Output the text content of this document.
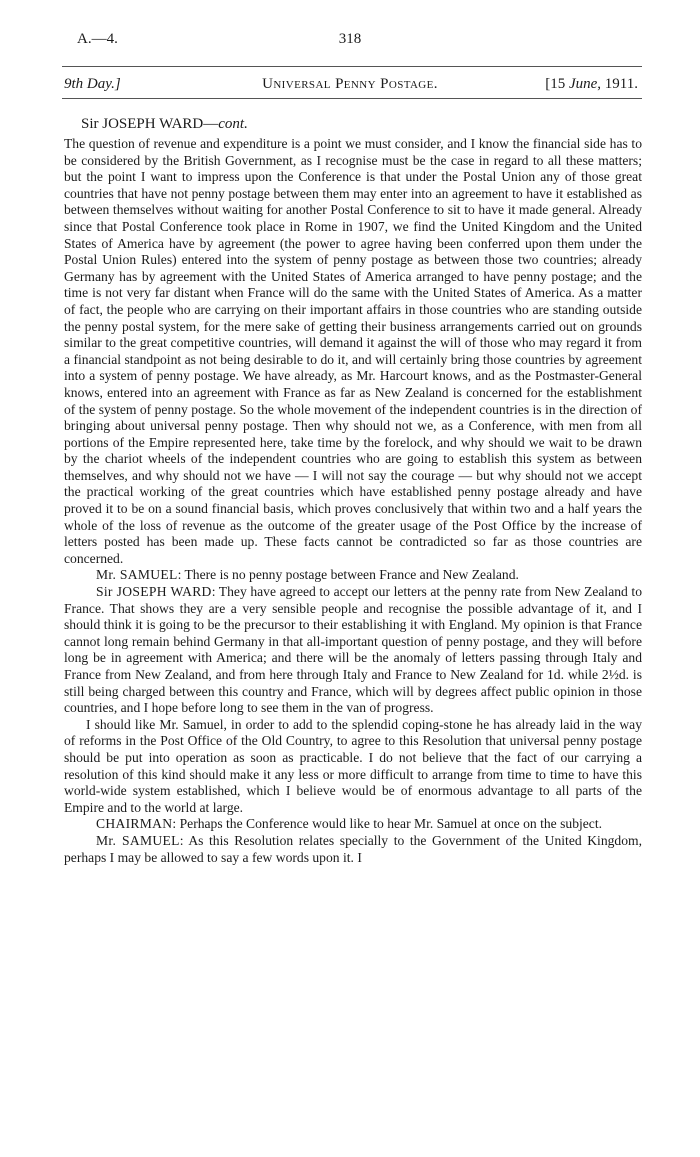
A.—4.	318
9th Day.]	Universal Penny Postage.	[15 June, 1911.
Sir JOSEPH WARD—cont.

The question of revenue and expenditure is a point we must consider, and I know the financial side has to be considered by the British Government, as I recognise must be the case in regard to all these matters; but the point I want to impress upon the Conference is that under the Postal Union any of those great countries that have not penny postage between them may enter into an agreement to have it established as between themselves without waiting for another Postal Conference to sit to have it made general. Already since that Postal Conference took place in Rome in 1907, we find the United Kingdom and the United States of America have by agreement (the power to agree having been conferred upon them under the Postal Union Rules) entered into the system of penny postage as between those two countries; already Germany has by agreement with the United States of America arranged to have penny postage; and the time is not very far distant when France will do the same with the United States of America. As a matter of fact, the people who are carrying on their important affairs in those countries who are standing outside the penny postal system, for the mere sake of getting their business arrangements carried out on grounds similar to the great competitive countries, will demand it against the will of those who may regard it from a financial standpoint as not being desirable to do it, and will certainly bring those countries by agreement into a system of penny postage. We have already, as Mr. Harcourt knows, and as the Postmaster-General knows, entered into an agreement with France as far as New Zealand is concerned for the establishment of the system of penny postage. So the whole movement of the independent countries is in the direction of bringing about universal penny postage. Then why should not we, as a Conference, with men from all portions of the Empire represented here, take time by the forelock, and why should we wait to be drawn by the chariot wheels of the independent countries who are going to establish this system as between themselves, and why should not we have — I will not say the courage — but why should not we accept the practical working of the great countries which have established penny postage already and have proved it to be on a sound financial basis, which proves conclusively that within two and a half years the whole of the loss of revenue as the outcome of the greater usage of the Post Office by the increase of letters posted has been made up. These facts cannot be contradicted so far as those countries are concerned.

Mr. SAMUEL: There is no penny postage between France and New Zealand.

Sir JOSEPH WARD: They have agreed to accept our letters at the penny rate from New Zealand to France. That shows they are a very sensible people and recognise the possible advantage of it, and I should think it is going to be the precursor to their establishing it with England. My opinion is that France cannot long remain behind Germany in that all-important question of penny postage, and they will before long be in agreement with America; and there will be the anomaly of letters passing through Italy and France from New Zealand, and from here through Italy and France to New Zealand for 1d. while 2½d. is still being charged between this country and France, which will by degrees affect public opinion in those countries, and I hope before long to see them in the van of progress.

I should like Mr. Samuel, in order to add to the splendid coping-stone he has already laid in the way of reforms in the Post Office of the Old Country, to agree to this Resolution that universal penny postage should be put into operation as soon as practicable. I do not believe that the fact of our carrying a resolution of this kind should make it any less or more difficult to arrange from time to time to have this world-wide system established, which I believe would be of enormous advantage to all parts of the Empire and to the world at large.

CHAIRMAN: Perhaps the Conference would like to hear Mr. Samuel at once on the subject.

Mr. SAMUEL: As this Resolution relates specially to the Government of the United Kingdom, perhaps I may be allowed to say a few words upon it. I
